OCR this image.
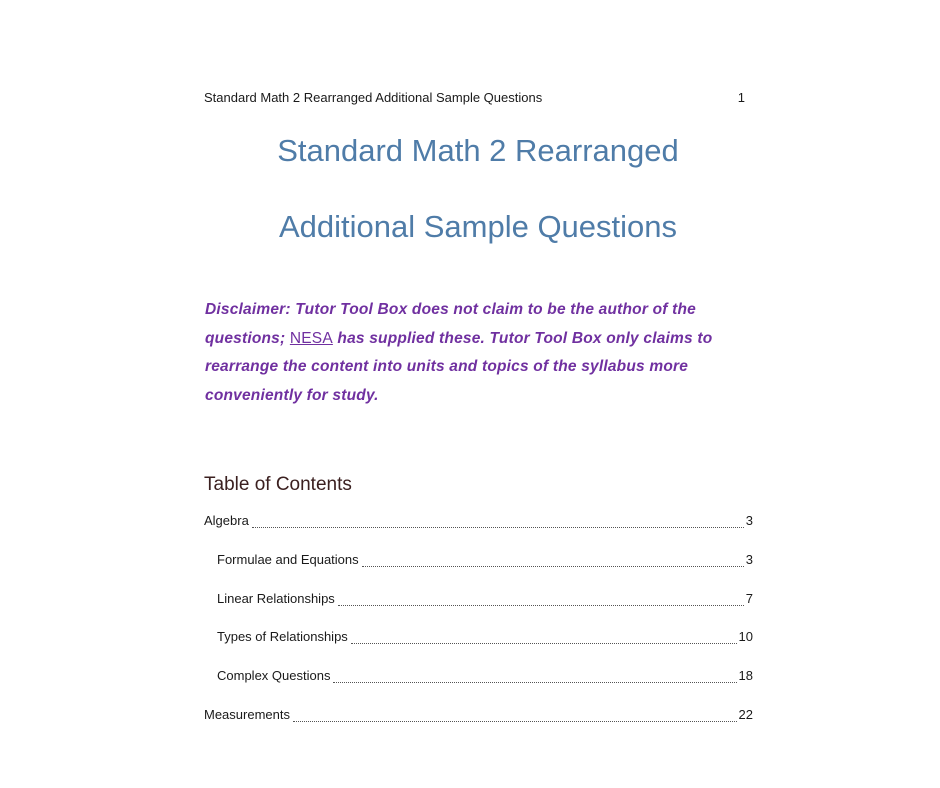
Standard Math 2 Rearranged Additional Sample Questions	1
Standard Math 2 Rearranged
Additional Sample Questions
Disclaimer: Tutor Tool Box does not claim to be the author of the questions; NESA has supplied these. Tutor Tool Box only claims to rearrange the content into units and topics of the syllabus more conveniently for study.
Table of Contents
Algebra	3
Formulae and Equations	3
Linear Relationships	7
Types of Relationships	10
Complex Questions	18
Measurements	22
